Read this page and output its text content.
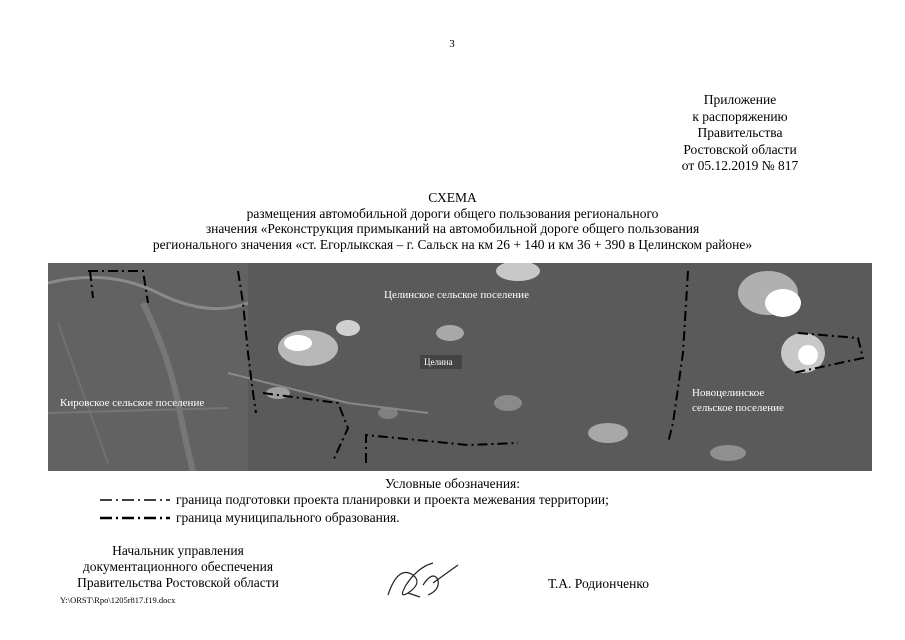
3
Приложение
к распоряжению
Правительства
Ростовской области
от 05.12.2019 № 817
СХЕМА
размещения автомобильной дороги общего пользования регионального
значения «Реконструкция примыканий на автомобильной дороге общего пользования
регионального значения «ст. Егорлыкская – г. Сальск на км 26 + 140 и км 36 + 390 в Целинском районе»
Целинское сельское поселение
Кировское сельское поселение
Новоцелинское
сельское поселение
Целина
Условные обозначения:
граница подготовки проекта планировки и проекта межевания территории;
граница муниципального образования.
Начальник управления
документационного обеспечения
Правительства Ростовской области	Т.А. Родионченко
Y:\ORST\Rpo\1205r817.f19.docx
